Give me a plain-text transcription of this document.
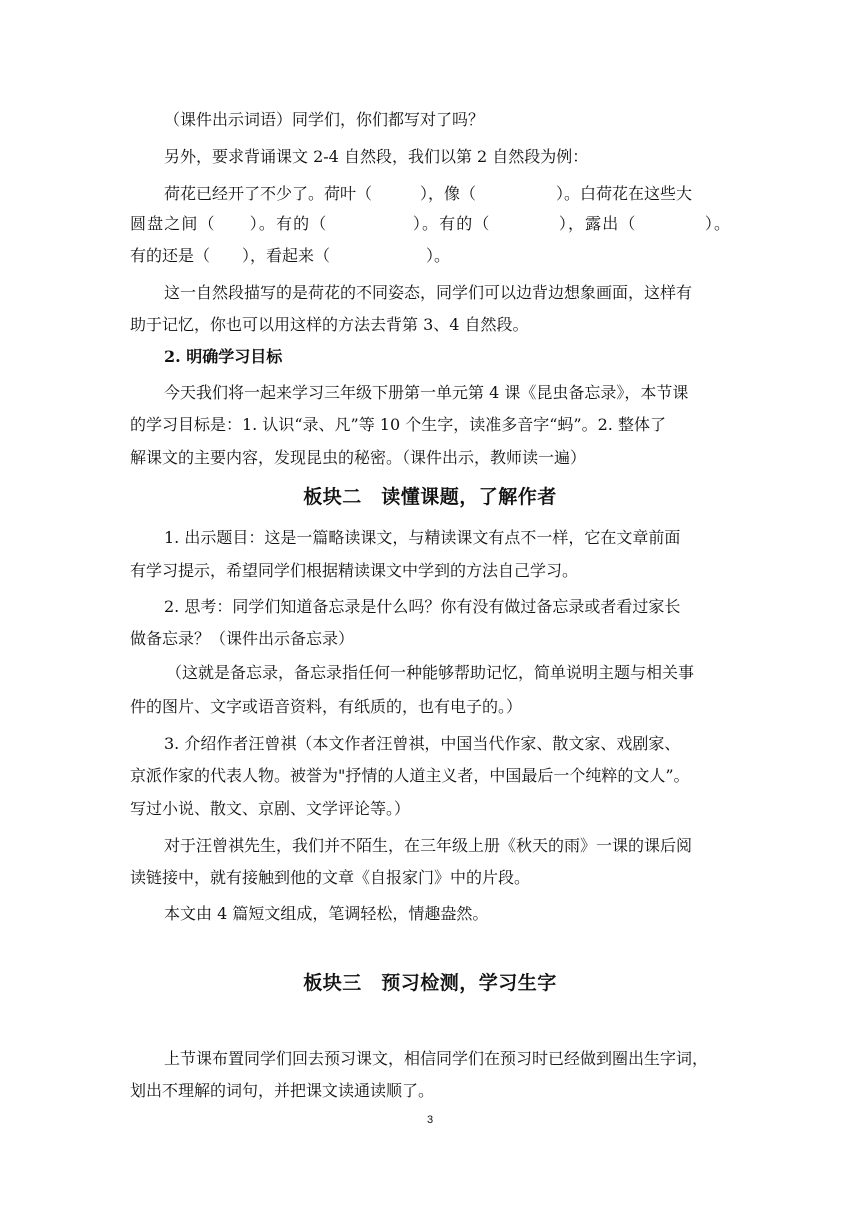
（课件出示词语）同学们，你们都写对了吗？
另外，要求背诵课文 2-4 自然段，我们以第 2 自然段为例：
荷花已经开了不少了。荷叶（　　　），像（　　　　　）。白荷花在这些大
圆盘之间（　　）。有的（　　　　　）。有的（　　　　），露出（　　　　）。
有的还是（　　），看起来（　　　　　　）。
这一自然段描写的是荷花的不同姿态，同学们可以边背边想象画面，这样有
助于记忆，你也可以用这样的方法去背第 3、4 自然段。
2. 明确学习目标
今天我们将一起来学习三年级下册第一单元第 4 课《昆虫备忘录》，本节课
的学习目标是：1. 认识“录、凡”等 10 个生字，读准多音字“蚂”。2. 整体了
解课文的主要内容，发现昆虫的秘密。（课件出示，教师读一遍）
板块二　读懂课题，了解作者
1. 出示题目：这是一篇略读课文，与精读课文有点不一样，它在文章前面
有学习提示，希望同学们根据精读课文中学到的方法自己学习。
2. 思考：同学们知道备忘录是什么吗？你有没有做过备忘录或者看过家长
做备忘录？（课件出示备忘录）
（这就是备忘录，备忘录指任何一种能够帮助记忆，简单说明主题与相关事
件的图片、文字或语音资料，有纸质的，也有电子的。）
3. 介绍作者汪曾祺（本文作者汪曾祺，中国当代作家、散文家、戏剧家、
京派作家的代表人物。被誉为"抒情的人道主义者，中国最后一个纯粹的文人”。
写过小说、散文、京剧、文学评论等。）
对于汪曾祺先生，我们并不陌生，在三年级上册《秋天的雨》一课的课后阅
读链接中，就有接触到他的文章《自报家门》中的片段。
本文由 4 篇短文组成，笔调轻松，情趣盎然。
板块三　预习检测，学习生字
上节课布置同学们回去预习课文，相信同学们在预习时已经做到圈出生字词，
划出不理解的词句，并把课文读通读顺了。
3
